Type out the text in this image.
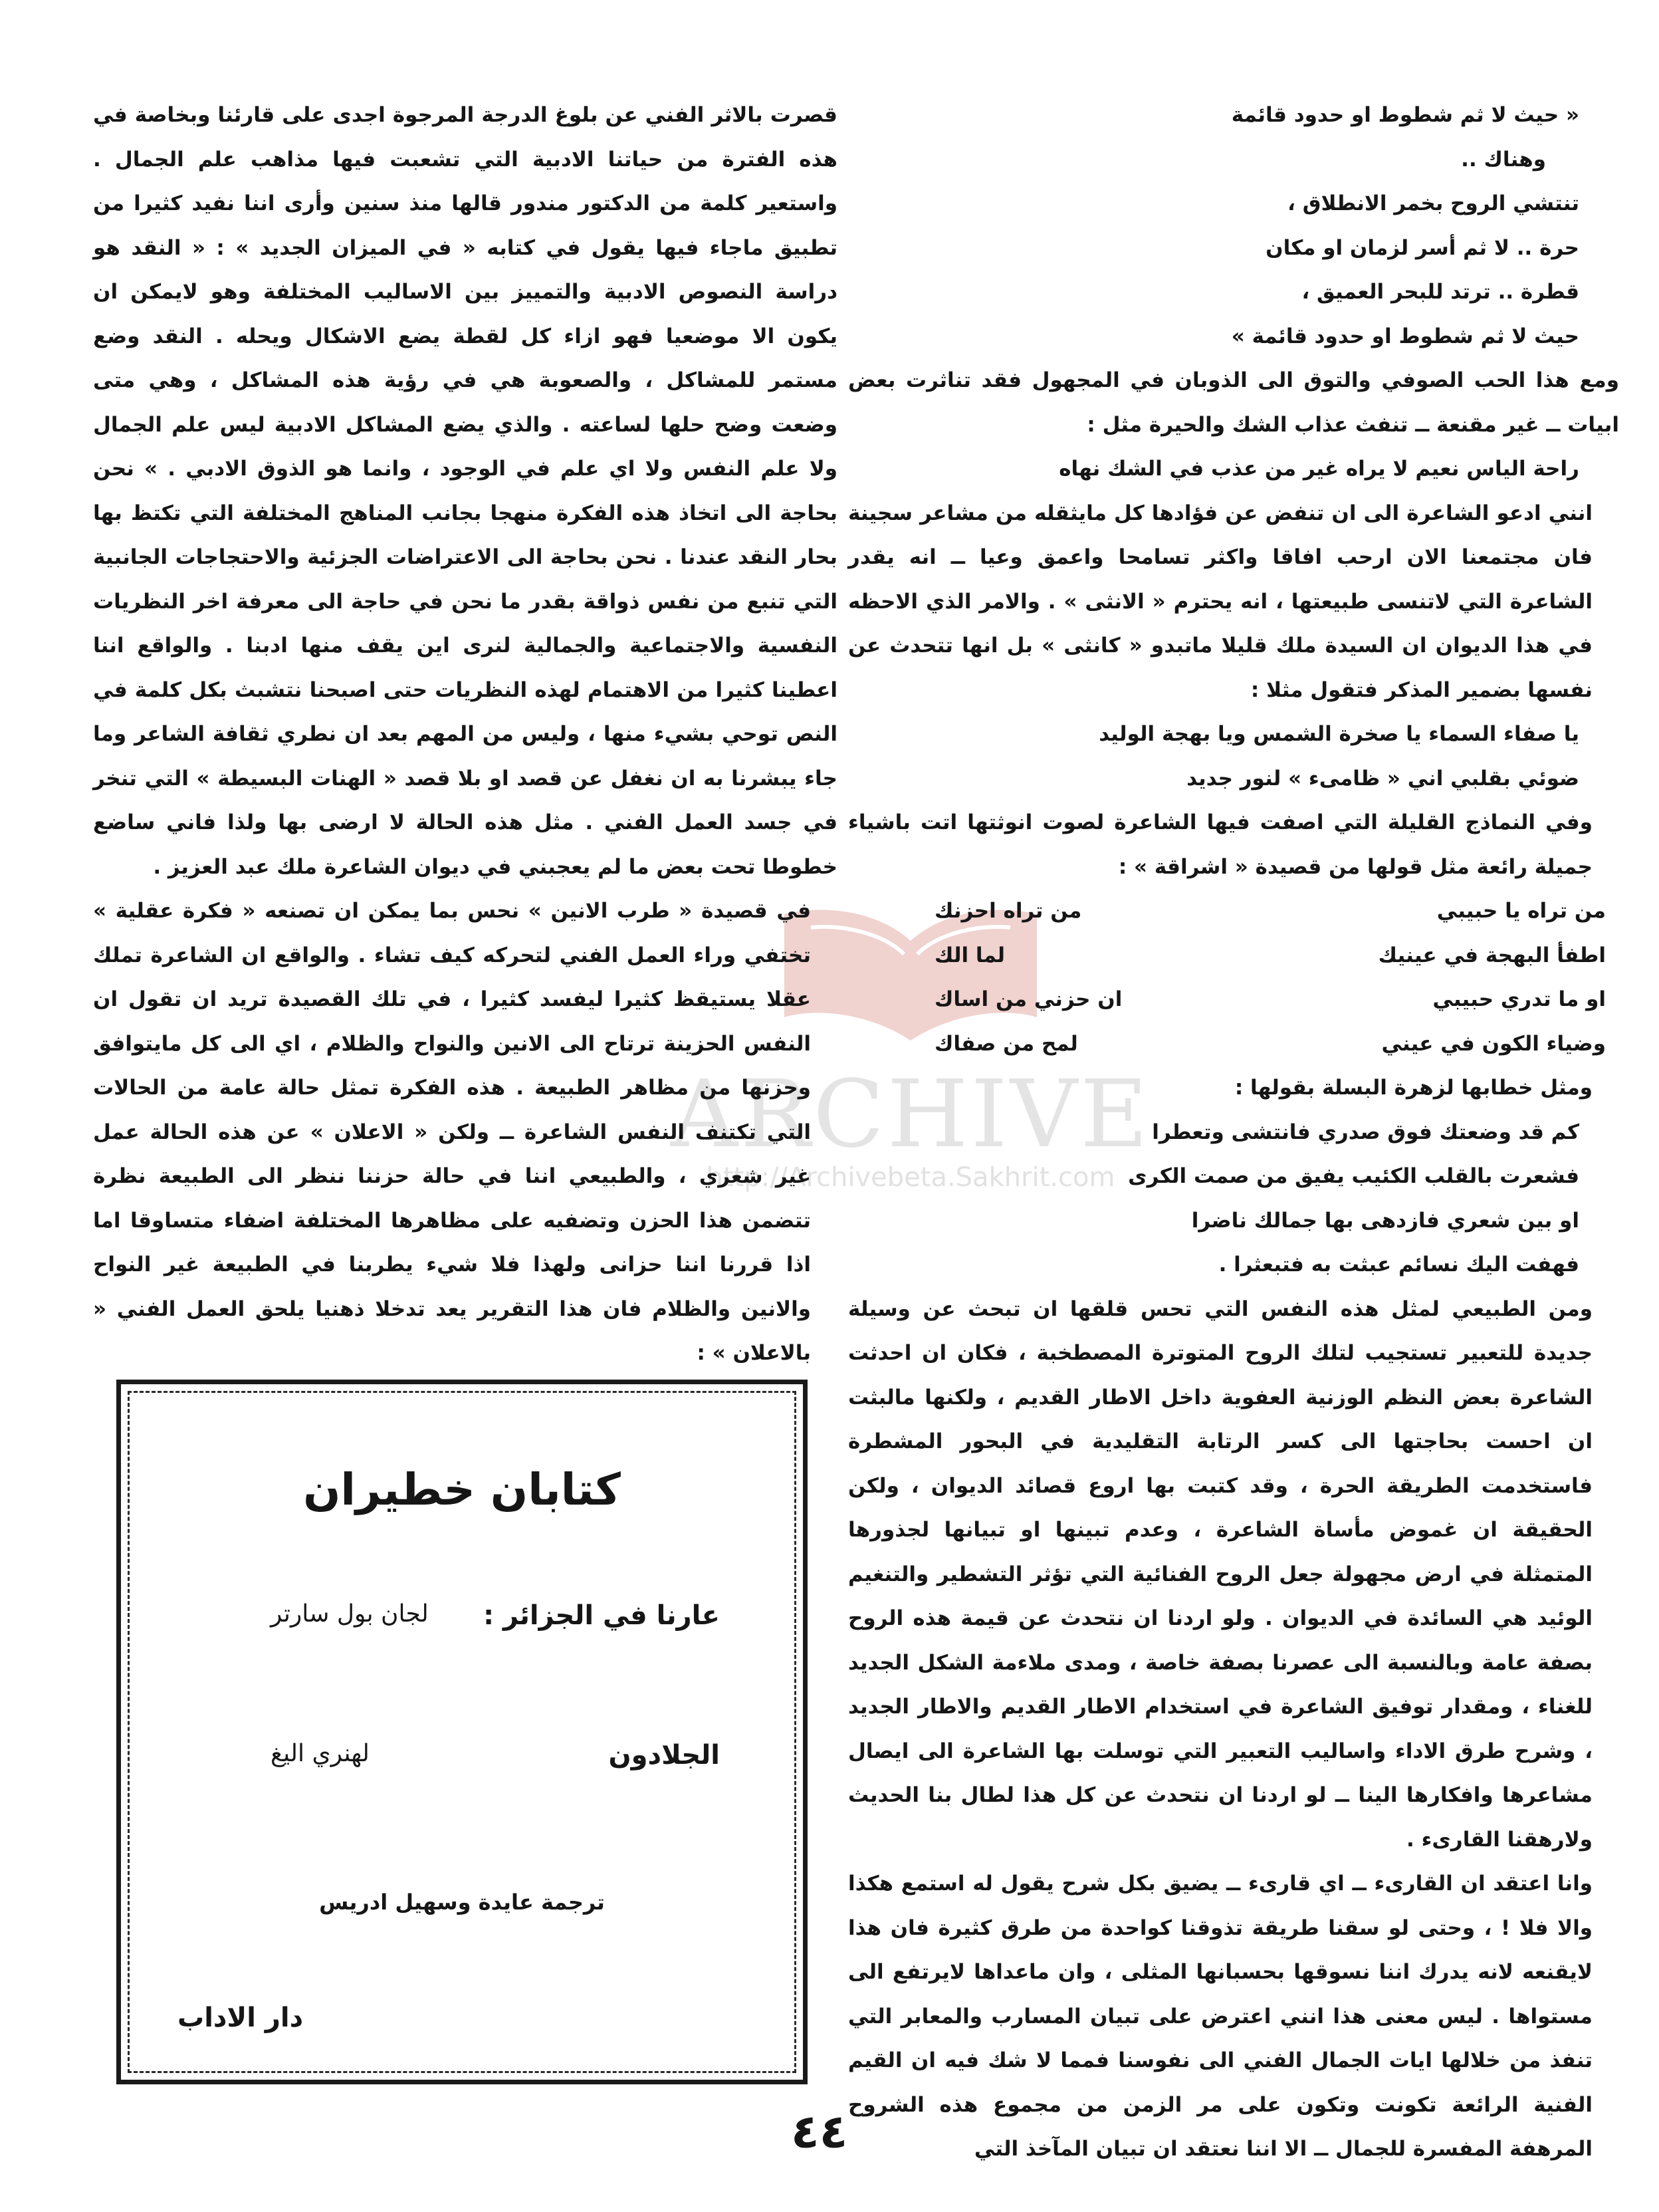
ARCHIVE
http://Archivebeta.Sakhrit.com
« حيث لا ثم شطوط او حدود قائمة
وهناك ..
تنتشي الروح بخمر الانطلاق ،
حرة .. لا ثم أسر لزمان او مكان
قطرة .. ترتد للبحر العميق ،
حيث لا ثم شطوط او حدود قائمة »

ومع هذا الحب الصوفي والتوق الى الذوبان في المجهول فقد تناثرت بعض ابيات ــ غير مقنعة ــ تنفث عذاب الشك والحيرة مثل :

راحة الياس نعيم لا يراه غير من عذب في الشك نهاه

انني ادعو الشاعرة الى ان تنفض عن فؤادها كل مايثقله من مشاعر سجينة فان مجتمعنا الان ارحب افاقا واكثر تسامحا واعمق وعيا ــ انه يقدر الشاعرة التي لاتنسى طبيعتها ، انه يحترم « الانثى » . والامر الذي الاحظه في هذا الديوان ان السيدة ملك قليلا ماتبدو « كانثى » بل انها تتحدث عن نفسها بضمير المذكر فتقول مثلا :

يا صفاء السماء يا صخرة الشمس ويا بهجة الوليد
ضوئي بقلبي اني « ظامىء » لنور جديد

وفي النماذج القليلة التي اصفت فيها الشاعرة لصوت انوثتها اتت باشياء جميلة رائعة مثل قولها من قصيدة « اشراقة » :

من تراه يا حبيبي
من تراه احزنك
اطفأ البهجة في عينيك
لما الك
او ما تدري حبيبي
ان حزني من اساك
وضياء الكون في عيني
لمح من صفاك

ومثل خطابها لزهرة البسلة بقولها :

كم قد وضعتك فوق صدري فانتشى وتعطرا
فشعرت بالقلب الكئيب يفيق من صمت الكرى
او بين شعري فازدهى بها جمالك ناضرا
فهفت اليك نسائم عبثت به فتبعثرا .

ومن الطبيعي لمثل هذه النفس التي تحس قلقها ان تبحث عن وسيلة جديدة للتعبير تستجيب لتلك الروح المتوترة المصطخبة ، فكان ان احدثت الشاعرة بعض النظم الوزنية العفوية داخل الاطار القديم ، ولكنها مالبثت ان احست بحاجتها الى كسر الرتابة التقليدية في البحور المشطرة فاستخدمت الطريقة الحرة ، وقد كتبت بها اروع قصائد الديوان ، ولكن الحقيقة ان غموض مأساة الشاعرة ، وعدم تبينها او تبيانها لجذورها المتمثلة في ارض مجهولة جعل الروح الفنائية التي تؤثر التشطير والتنغيم الوئيد هي السائدة في الديوان . ولو اردنا ان نتحدث عن قيمة هذه الروح بصفة عامة وبالنسبة الى عصرنا بصفة خاصة ، ومدى ملاءمة الشكل الجديد للغناء ، ومقدار توفيق الشاعرة في استخدام الاطار القديم والاطار الجديد ، وشرح طرق الاداء واساليب التعبير التي توسلت بها الشاعرة الى ايصال مشاعرها وافكارها الينا ــ لو اردنا ان نتحدث عن كل هذا لطال بنا الحديث ولارهقنا القارىء .

وانا اعتقد ان القارىء ــ اي قارىء ــ يضيق بكل شرح يقول له استمع هكذا والا فلا ! ، وحتى لو سقنا طريقة تذوقنا كواحدة من طرق كثيرة فان هذا لايقنعه لانه يدرك اننا نسوقها بحسبانها المثلى ، وان ماعداها لايرتفع الى مستواها . ليس معنى هذا انني اعترض على تبيان المسارب والمعابر التي تنفذ من خلالها ايات الجمال الفني الى نفوسنا فمما لا شك فيه ان القيم الفنية الرائعة تكونت وتكون على مر الزمن من مجموع هذه الشروح المرهفة المفسرة للجمال ــ الا اننا نعتقد ان تبيان المآخذ التي

قصرت بالاثر الفني عن بلوغ الدرجة المرجوة اجدى على قارئنا وبخاصة في هذه الفترة من حياتنا الادبية التي تشعبت فيها مذاهب علم الجمال . واستعير كلمة من الدكتور مندور قالها منذ سنين وأرى اننا نفيد كثيرا من تطبيق ماجاء فيها يقول في كتابه « في الميزان الجديد » : « النقد هو دراسة النصوص الادبية والتمييز بين الاساليب المختلفة وهو لايمكن ان يكون الا موضعيا فهو ازاء كل لقطة يضع الاشكال ويحله . النقد وضع مستمر للمشاكل ، والصعوبة هي في رؤية هذه المشاكل ، وهي متى وضعت وضح حلها لساعته . والذي يضع المشاكل الادبية ليس علم الجمال ولا علم النفس ولا اي علم في الوجود ، وانما هو الذوق الادبي . » نحن بحاجة الى اتخاذ هذه الفكرة منهجا بجانب المناهج المختلفة التي تكتظ بها بحار النقد عندنا . نحن بحاجة الى الاعتراضات الجزئية والاحتجاجات الجانبية التي تنبع من نفس ذواقة بقدر ما نحن في حاجة الى معرفة اخر النظريات النفسية والاجتماعية والجمالية لنرى اين يقف منها ادبنا . والواقع اننا اعطينا كثيرا من الاهتمام لهذه النظريات حتى اصبحنا نتشبث بكل كلمة في النص توحي بشيء منها ، وليس من المهم بعد ان نطري ثقافة الشاعر وما جاء يبشرنا به ان نغفل عن قصد او بلا قصد « الهنات البسيطة » التي تنخر في جسد العمل الفني . مثل هذه الحالة لا ارضى بها ولذا فاني ساضع خطوطا تحت بعض ما لم يعجبني في ديوان الشاعرة ملك عبد العزيز .

في قصيدة « طرب الانين » نحس بما يمكن ان تصنعه « فكرة عقلية » تختفي وراء العمل الفني لتحركه كيف تشاء . والواقع ان الشاعرة تملك عقلا يستيقظ كثيرا ليفسد كثيرا ، في تلك القصيدة تريد ان تقول ان النفس الحزينة ترتاح الى الانين والنواح والظلام ، اي الى كل مايتوافق وحزنها من مظاهر الطبيعة . هذه الفكرة تمثل حالة عامة من الحالات التي تكتنف النفس الشاعرة ــ ولكن « الاعلان » عن هذه الحالة عمل غير شعري ، والطبيعي اننا في حالة حزننا ننظر الى الطبيعة نظرة تتضمن هذا الحزن وتضفيه على مظاهرها المختلفة اضفاء متساوقا اما اذا قررنا اننا حزانى ولهذا فلا شيء يطربنا في الطبيعة غير النواح والانين والظلام فان هذا التقرير يعد تدخلا ذهنيا يلحق العمل الفني « بالاعلان » :

كتابان خطيران
عارنا في الجزائر :
لجان بول سارتر
الجلادون
لهنري اليغ
ترجمة عايدة وسهيل ادريس
دار الاداب
٤٤
